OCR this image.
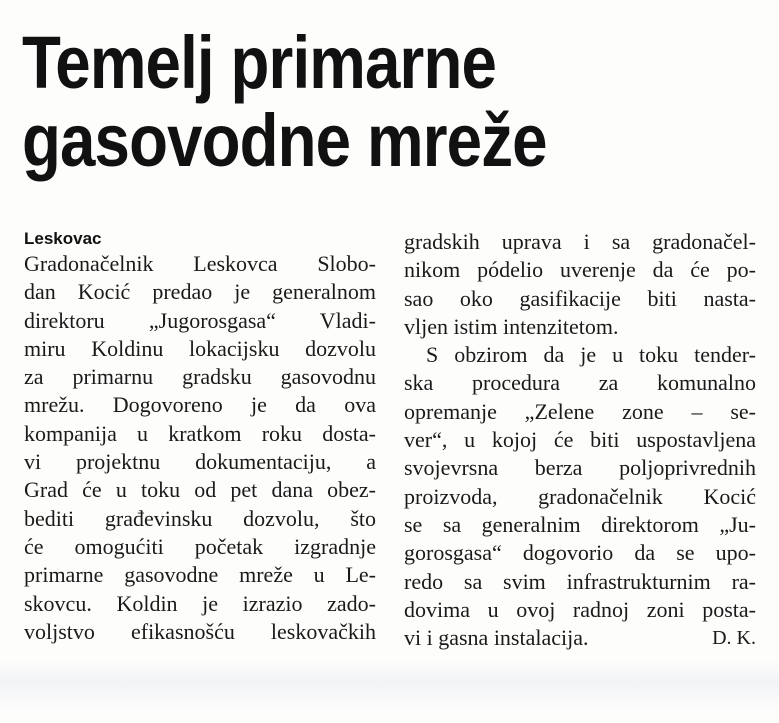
Temelj primarne
gasovodne mreže
Leskovac
Gradonačelnik Leskovca Slobo-
dan Kocić predao je generalnom
direktoru „Jugorosgasa“ Vladi-
miru Koldinu lokacijsku dozvolu
za primarnu gradsku gasovodnu
mrežu. Dogovoreno je da ova
kompanija u kratkom roku dosta-
vi projektnu dokumentaciju, a
Grad će u toku od pet dana obez-
bediti građevinsku dozvolu, što
će omogućiti početak izgradnje
primarne gasovodne mreže u Le-
skovcu. Koldin je izrazio zado-
voljstvo efikasnošću leskovačkih
gradskih uprava i sa gradonačel-
nikom pódelio uverenje da će po-
sao oko gasifikacije biti nasta-
vljen istim intenzitetom.
S obzirom da je u toku tender-
ska procedura za komunalno
opremanje „Zelene zone – se-
ver“, u kojoj će biti uspostavljena
svojevrsna berza poljoprivrednih
proizvoda, gradonačelnik Kocić
se sa generalnim direktorom „Ju-
gorosgasa“ dogovorio da se upo-
redo sa svim infrastrukturnim ra-
dovima u ovoj radnoj zoni posta-
vi i gasna instalacija.	D. K.
